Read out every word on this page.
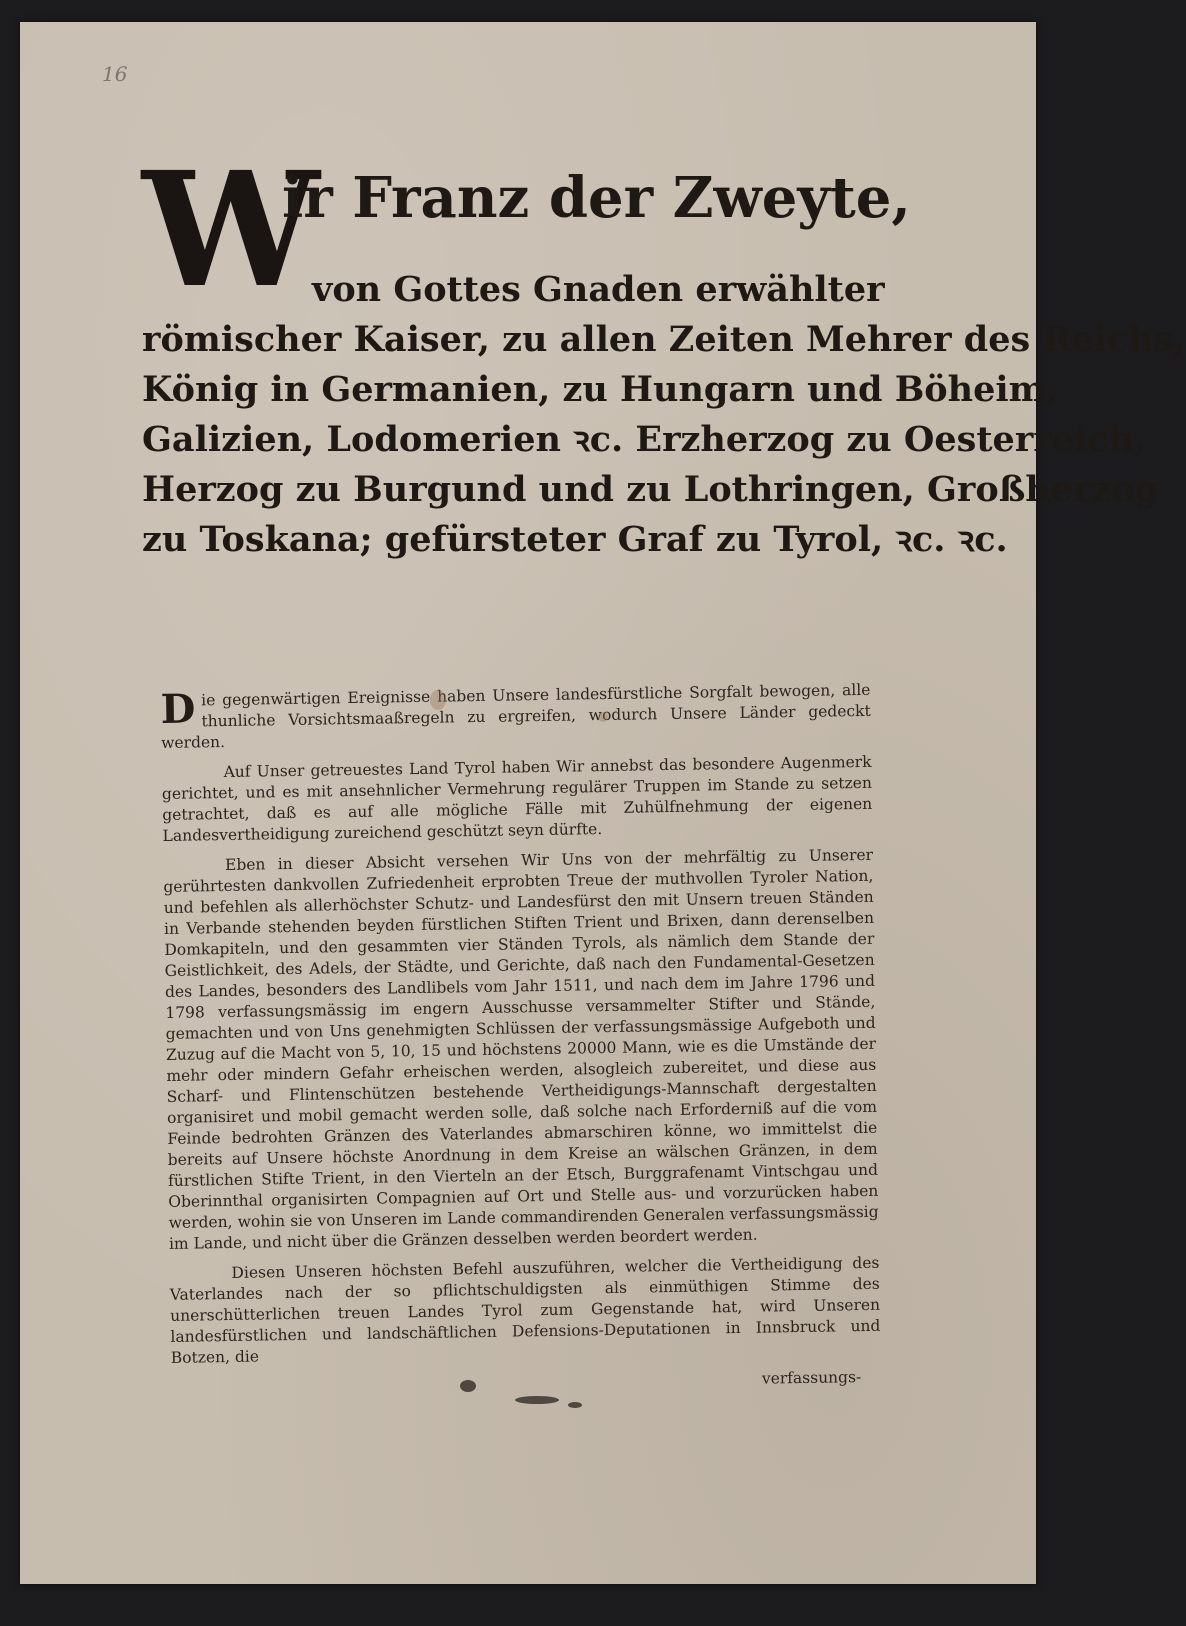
16
W
ir Franz der Zweyte,
von Gottes Gnaden erwählter
römischer Kaiser, zu allen Zeiten Mehrer des Reichs,
König in Germanien, zu Hungarn und Böheim,
Galizien, Lodomerien ꝛc. Erzherzog zu Oesterreich,
Herzog zu Burgund und zu Lothringen, Großherzog
zu Toskana; gefürsteter Graf zu Tyrol, ꝛc. ꝛc.

Die gegenwärtigen Ereignisse haben Unsere landesfürstliche Sorgfalt bewogen, alle thunliche Vorsichtsmaaßregeln zu ergreifen, wodurch Unsere Länder gedeckt werden.

Auf Unser getreuestes Land Tyrol haben Wir annebst das besondere Augenmerk gerichtet, und es mit ansehnlicher Vermehrung regulärer Truppen im Stande zu setzen getrachtet, daß es auf alle mögliche Fälle mit Zuhülfnehmung der eigenen Landesvertheidigung zureichend geschützt seyn dürfte.

Eben in dieser Absicht versehen Wir Uns von der mehrfältig zu Unserer gerührtesten dankvollen Zufriedenheit erprobten Treue der muthvollen Tyroler Nation, und befehlen als allerhöchster Schutz- und Landesfürst den mit Unsern treuen Ständen in Verbande stehenden beyden fürstlichen Stiften Trient und Brixen, dann derenselben Domkapiteln, und den gesammten vier Ständen Tyrols, als nämlich dem Stande der Geistlichkeit, des Adels, der Städte, und Gerichte, daß nach den Fundamental-Gesetzen des Landes, besonders des Landlibels vom Jahr 1511, und nach dem im Jahre 1796 und 1798 verfassungsmässig im engern Ausschusse versammelter Stifter und Stände, gemachten und von Uns genehmigten Schlüssen der verfassungsmässige Aufgeboth und Zuzug auf die Macht von 5, 10, 15 und höchstens 20000 Mann, wie es die Umstände der mehr oder mindern Gefahr erheischen werden, alsogleich zubereitet, und diese aus Scharf- und Flintenschützen bestehende Vertheidigungs-Mannschaft dergestalten organisiret und mobil gemacht werden solle, daß solche nach Erforderniß auf die vom Feinde bedrohten Gränzen des Vaterlandes abmarschiren könne, wo immittelst die bereits auf Unsere höchste Anordnung in dem Kreise an wälschen Gränzen, in dem fürstlichen Stifte Trient, in den Vierteln an der Etsch, Burggrafenamt Vintschgau und Oberinnthal organisirten Compagnien auf Ort und Stelle aus- und vorzurücken haben werden, wohin sie von Unseren im Lande commandirenden Generalen verfassungsmässig im Lande, und nicht über die Gränzen desselben werden beordert werden.

Diesen Unseren höchsten Befehl auszuführen, welcher die Vertheidigung des Vaterlandes nach der so pflichtschuldigsten als einmüthigen Stimme des unerschütterlichen treuen Landes Tyrol zum Gegenstande hat, wird Unseren landesfürstlichen und landschäftlichen Defensions-Deputationen in Innsbruck und Botzen, die

verfassungs-
